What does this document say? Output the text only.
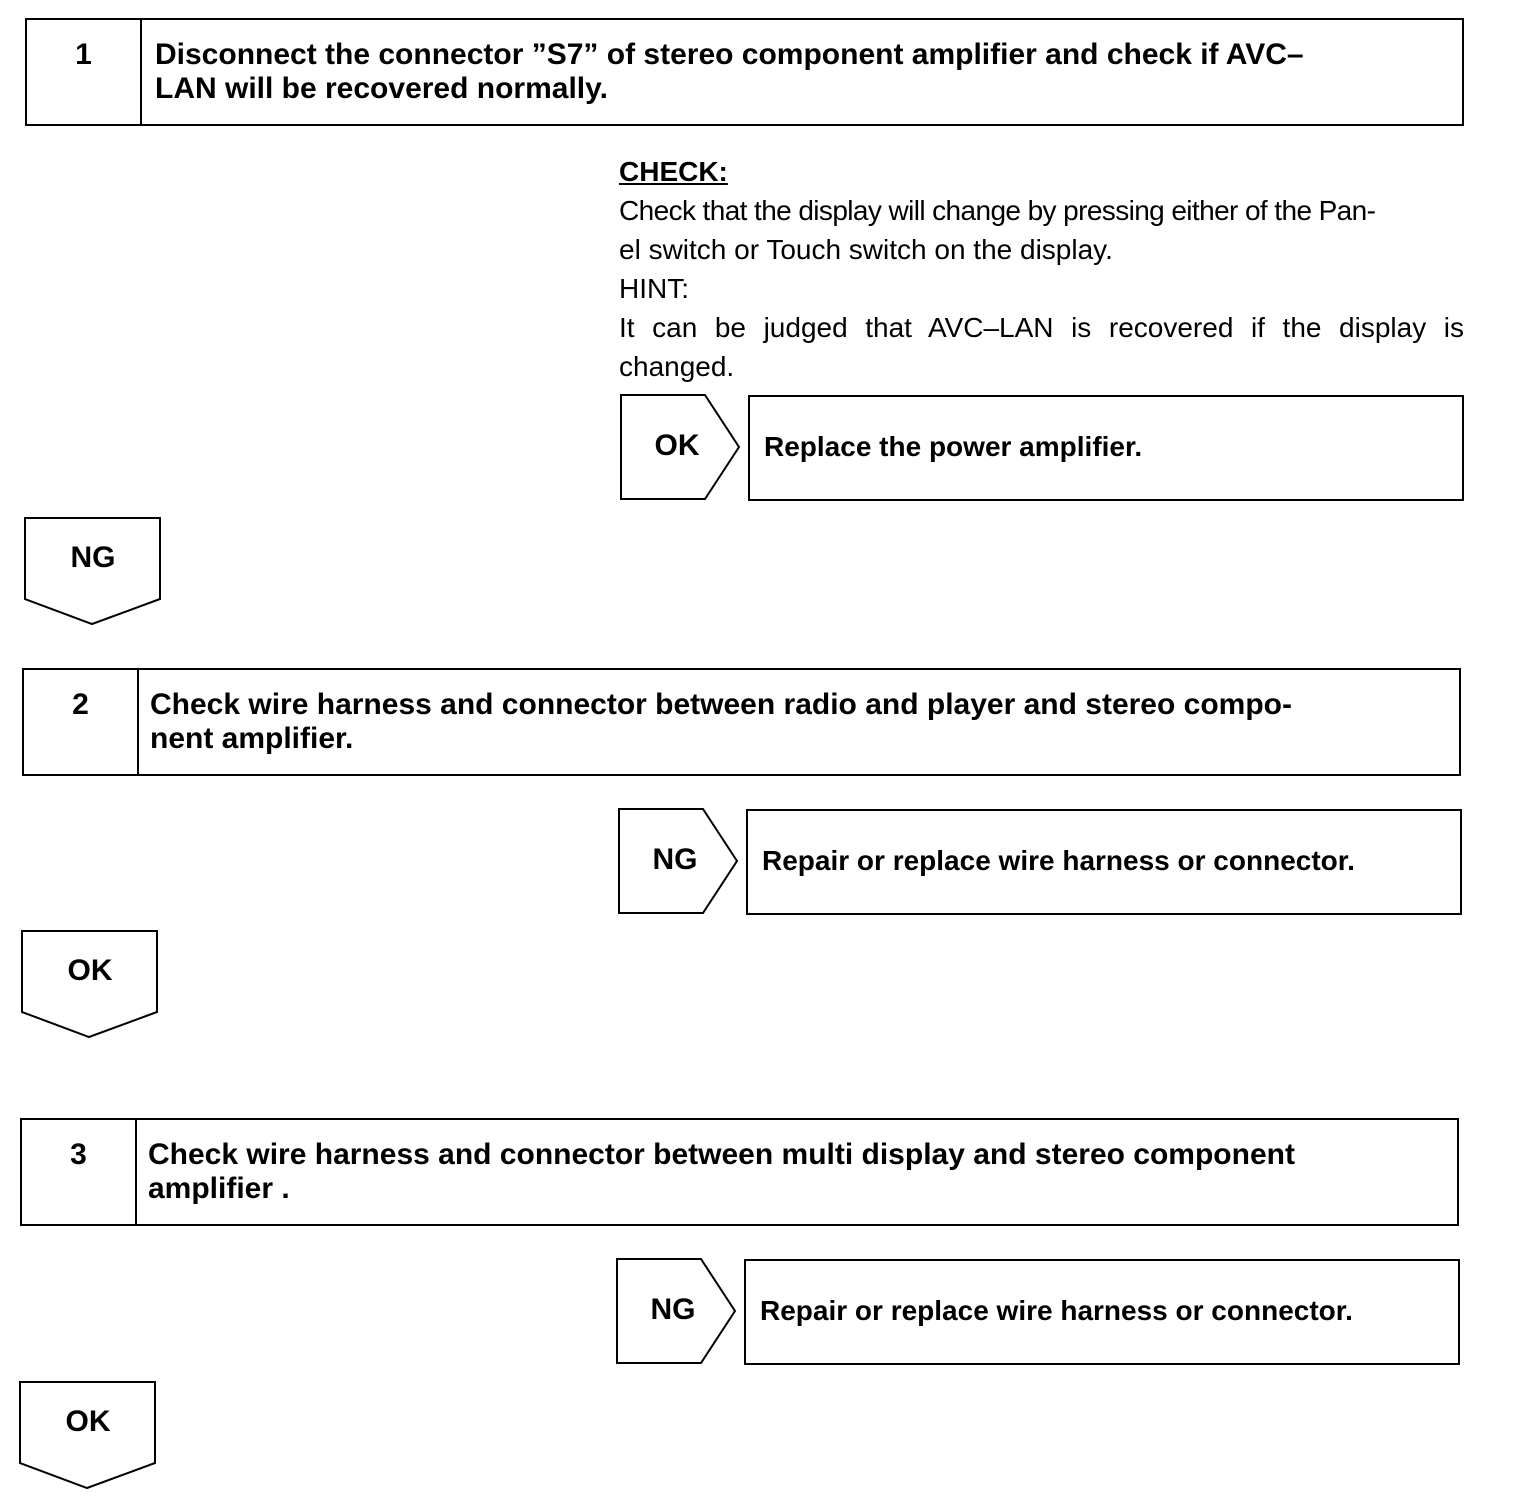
1	Disconnect the connector ”S7” of stereo component amplifier and check if AVC–
LAN will be recovered normally.
CHECK:
Check that the display will change by pressing either of the Pan-
el switch or Touch switch on the display.
HINT:
It can be judged that AVC–LAN is recovered if the display is
changed.
OK	Replace the power amplifier.
NG
2	Check wire harness and connector between radio and player and stereo compo-
nent amplifier.
NG	Repair or replace wire harness or connector.
OK
3	Check wire harness and connector between multi display and stereo component
amplifier .
NG	Repair or replace wire harness or connector.
OK
